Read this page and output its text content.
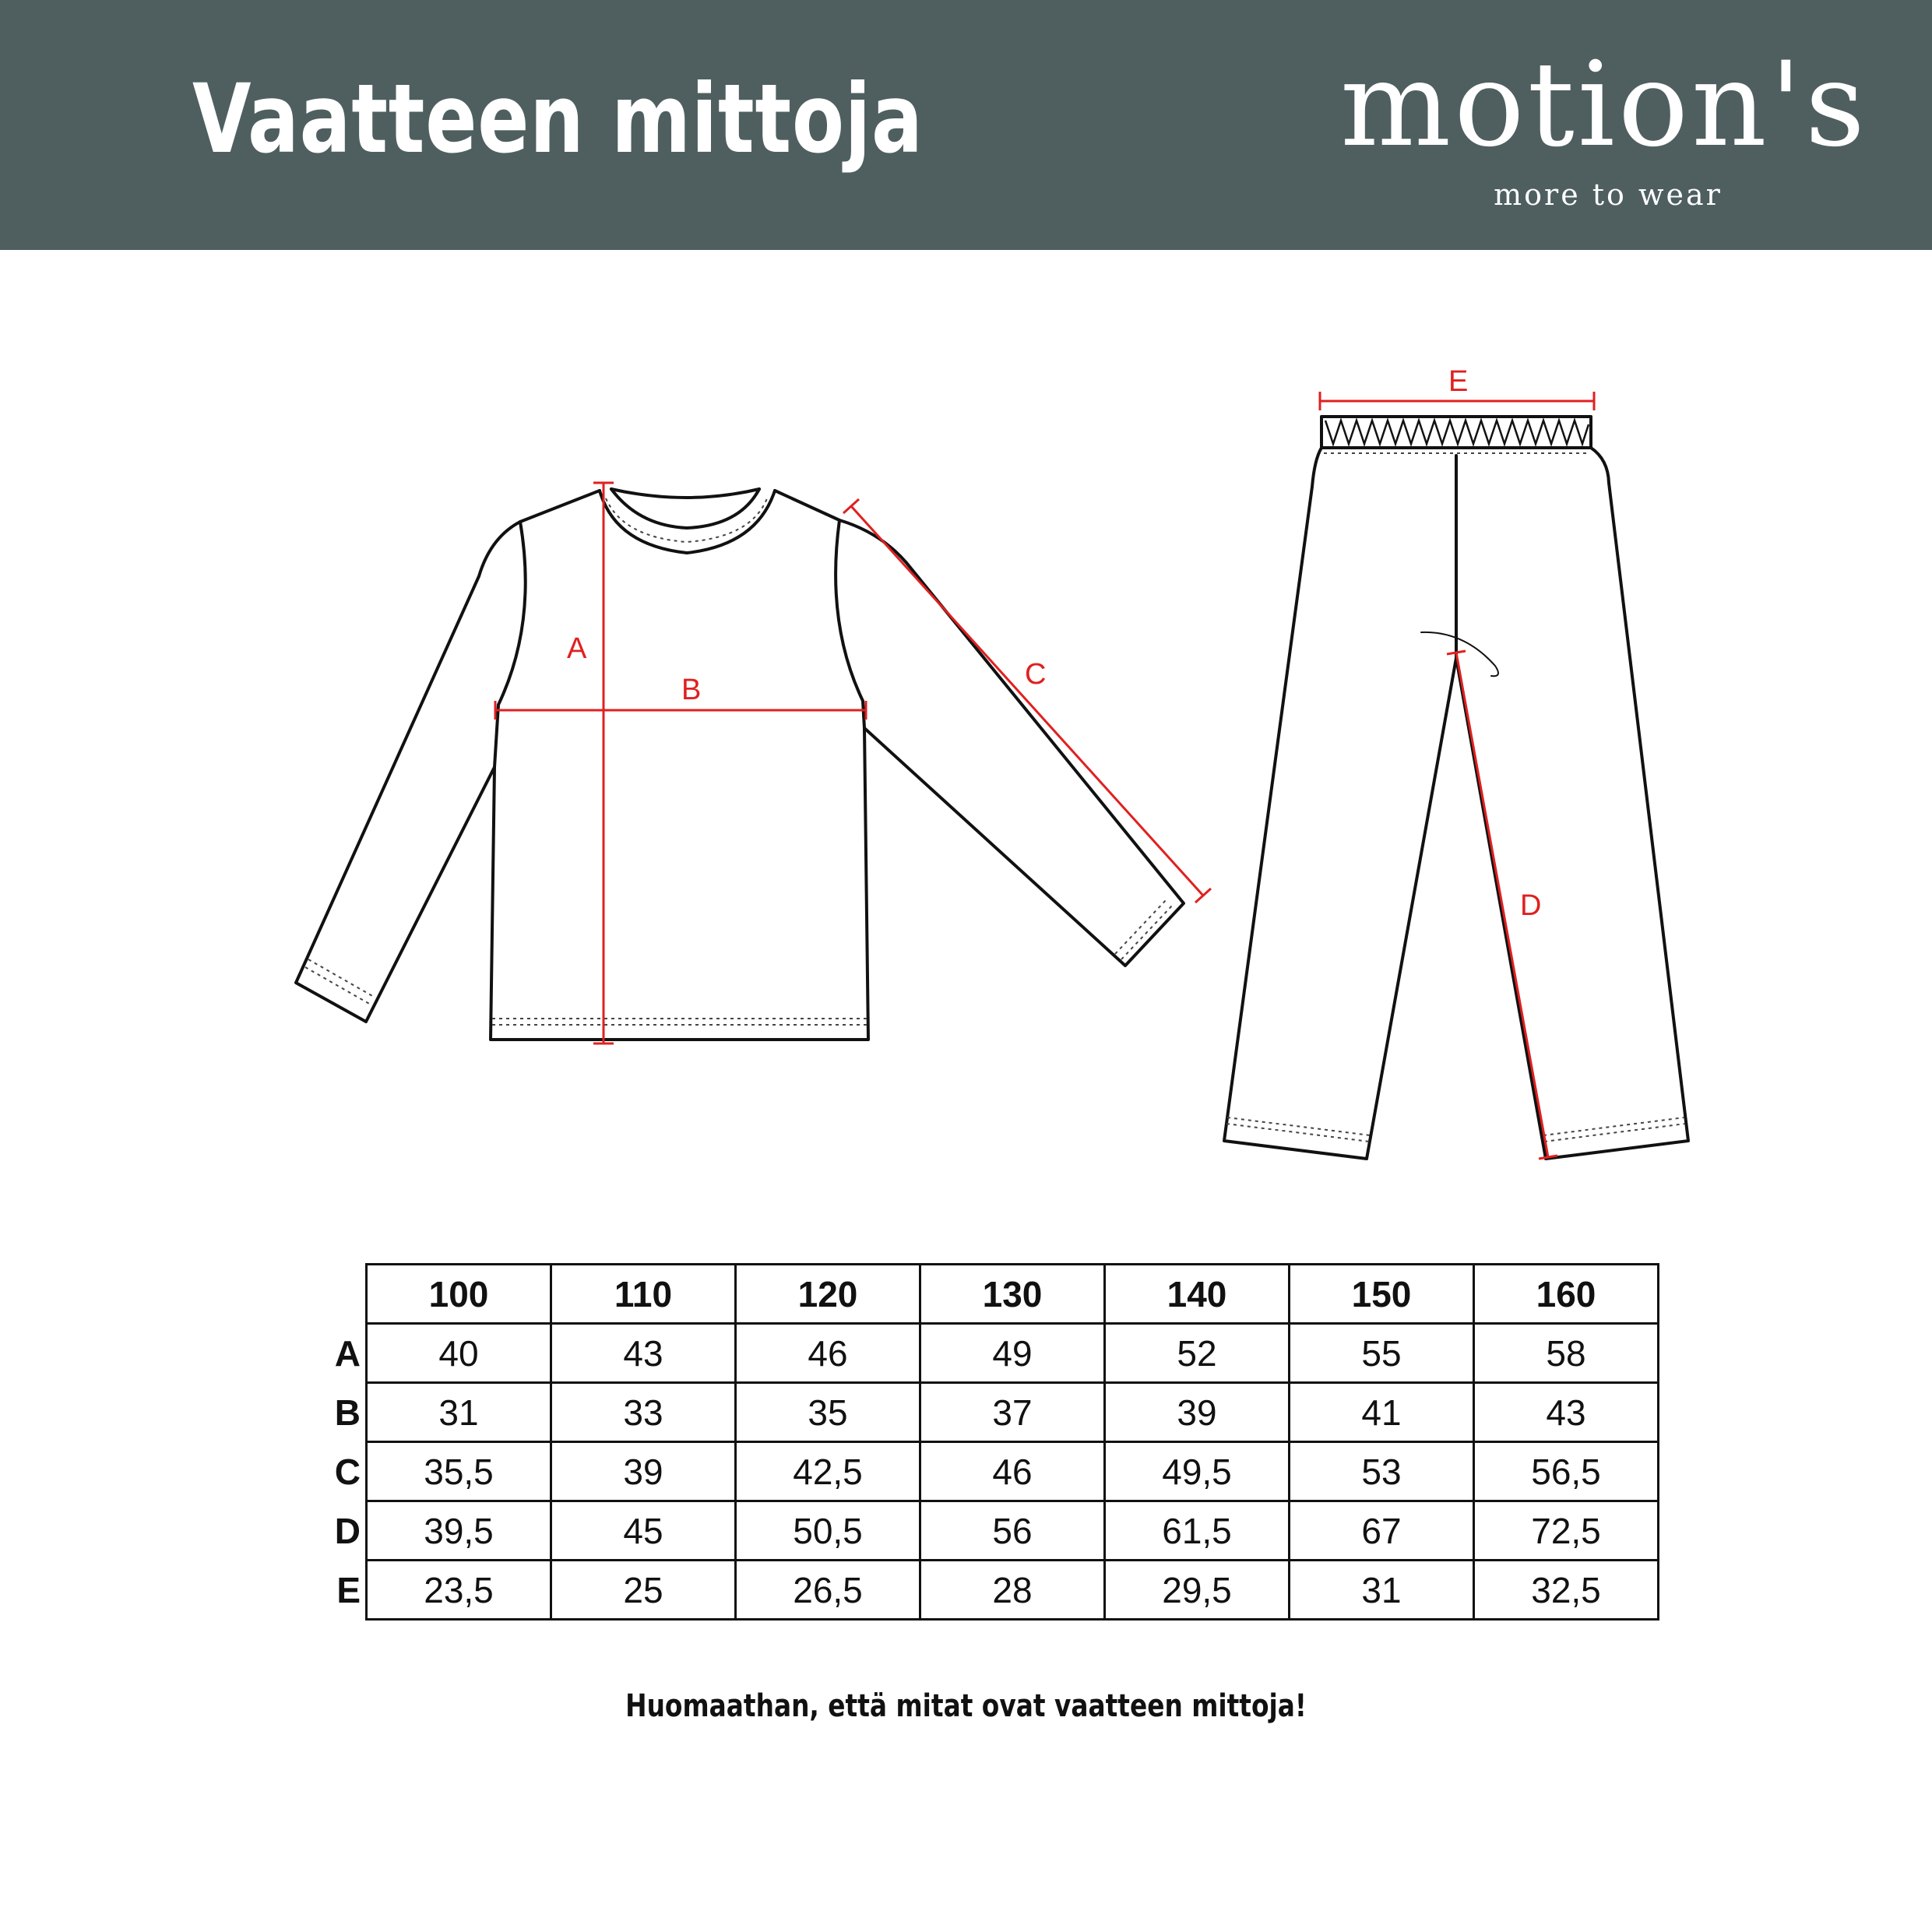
Vaatteen mittoja	motion's
more to wear
A
B	C
E
D
	100	110	120	130	140	150	160
A	40	43	46	49	52	55	58
B	31	33	35	37	39	41	43
C	35,5	39	42,5	46	49,5	53	56,5
D	39,5	45	50,5	56	61,5	67	72,5
E	23,5	25	26,5	28	29,5	31	32,5
Huomaathan, että mitat ovat vaatteen mittoja!
